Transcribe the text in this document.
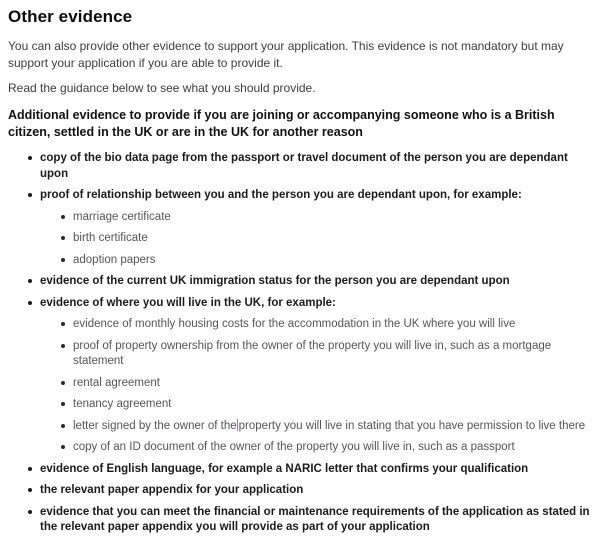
Other evidence

You can also provide other evidence to support your application. This evidence is not mandatory but may support your application if you are able to provide it.

Read the guidance below to see what you should provide.

Additional evidence to provide if you are joining or accompanying someone who is a British citizen, settled in the UK or are in the UK for another reason
copy of the bio data page from the passport or travel document of the person you are dependant upon
proof of relationship between you and the person you are dependant upon, for example:
marriage certificate
birth certificate
adoption papers
evidence of the current UK immigration status for the person you are dependant upon
evidence of where you will live in the UK, for example:
evidence of monthly housing costs for the accommodation in the UK where you will live
proof of property ownership from the owner of the property you will live in, such as a mortgage statement
rental agreement
tenancy agreement
letter signed by the owner of the property you will live in stating that you have permission to live there
copy of an ID document of the owner of the property you will live in, such as a passport
evidence of English language, for example a NARIC letter that confirms your qualification
the relevant paper appendix for your application
evidence that you can meet the financial or maintenance requirements of the application as stated in the relevant paper appendix you will provide as part of your application
